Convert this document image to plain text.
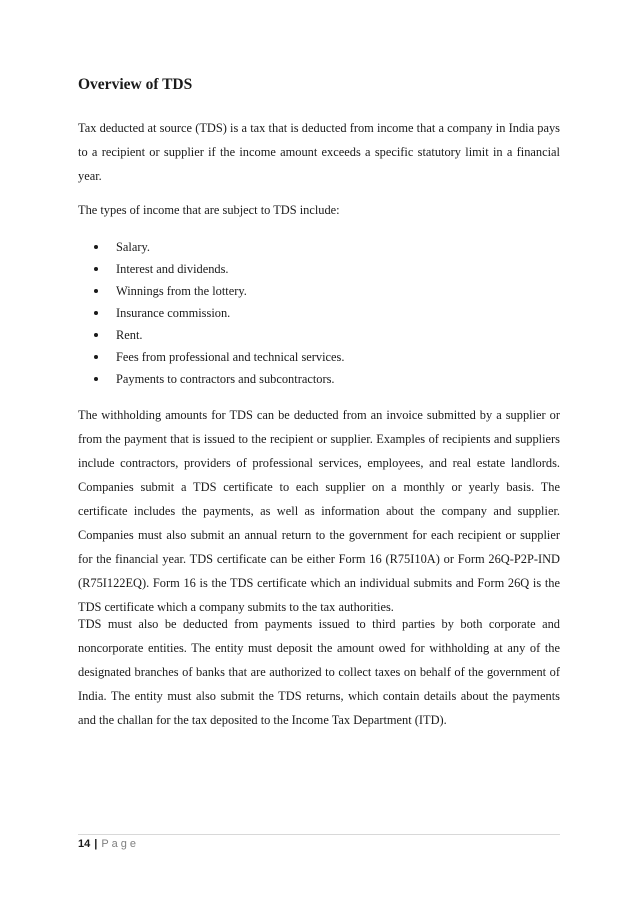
Overview of TDS

Tax deducted at source (TDS) is a tax that is deducted from income that a company in India pays to a recipient or supplier if the income amount exceeds a specific statutory limit in a financial year.

The types of income that are subject to TDS include:

Salary.
Interest and dividends.
Winnings from the lottery.
Insurance commission.
Rent.
Fees from professional and technical services.
Payments to contractors and subcontractors.

The withholding amounts for TDS can be deducted from an invoice submitted by a supplier or from the payment that is issued to the recipient or supplier. Examples of recipients and suppliers include contractors, providers of professional services, employees, and real estate landlords. Companies submit a TDS certificate to each supplier on a monthly or yearly basis. The certificate includes the payments, as well as information about the company and supplier. Companies must also submit an annual return to the government for each recipient or supplier for the financial year. TDS certificate can be either Form 16 (R75I10A) or Form 26Q-P2P-IND (R75I122EQ). Form 16 is the TDS certificate which an individual submits and Form 26Q is the TDS certificate which a company submits to the tax authorities.

TDS must also be deducted from payments issued to third parties by both corporate and noncorporate entities. The entity must deposit the amount owed for withholding at any of the designated branches of banks that are authorized to collect taxes on behalf of the government of India. The entity must also submit the TDS returns, which contain details about the payments and the challan for the tax deposited to the Income Tax Department (ITD).

14 | Page
